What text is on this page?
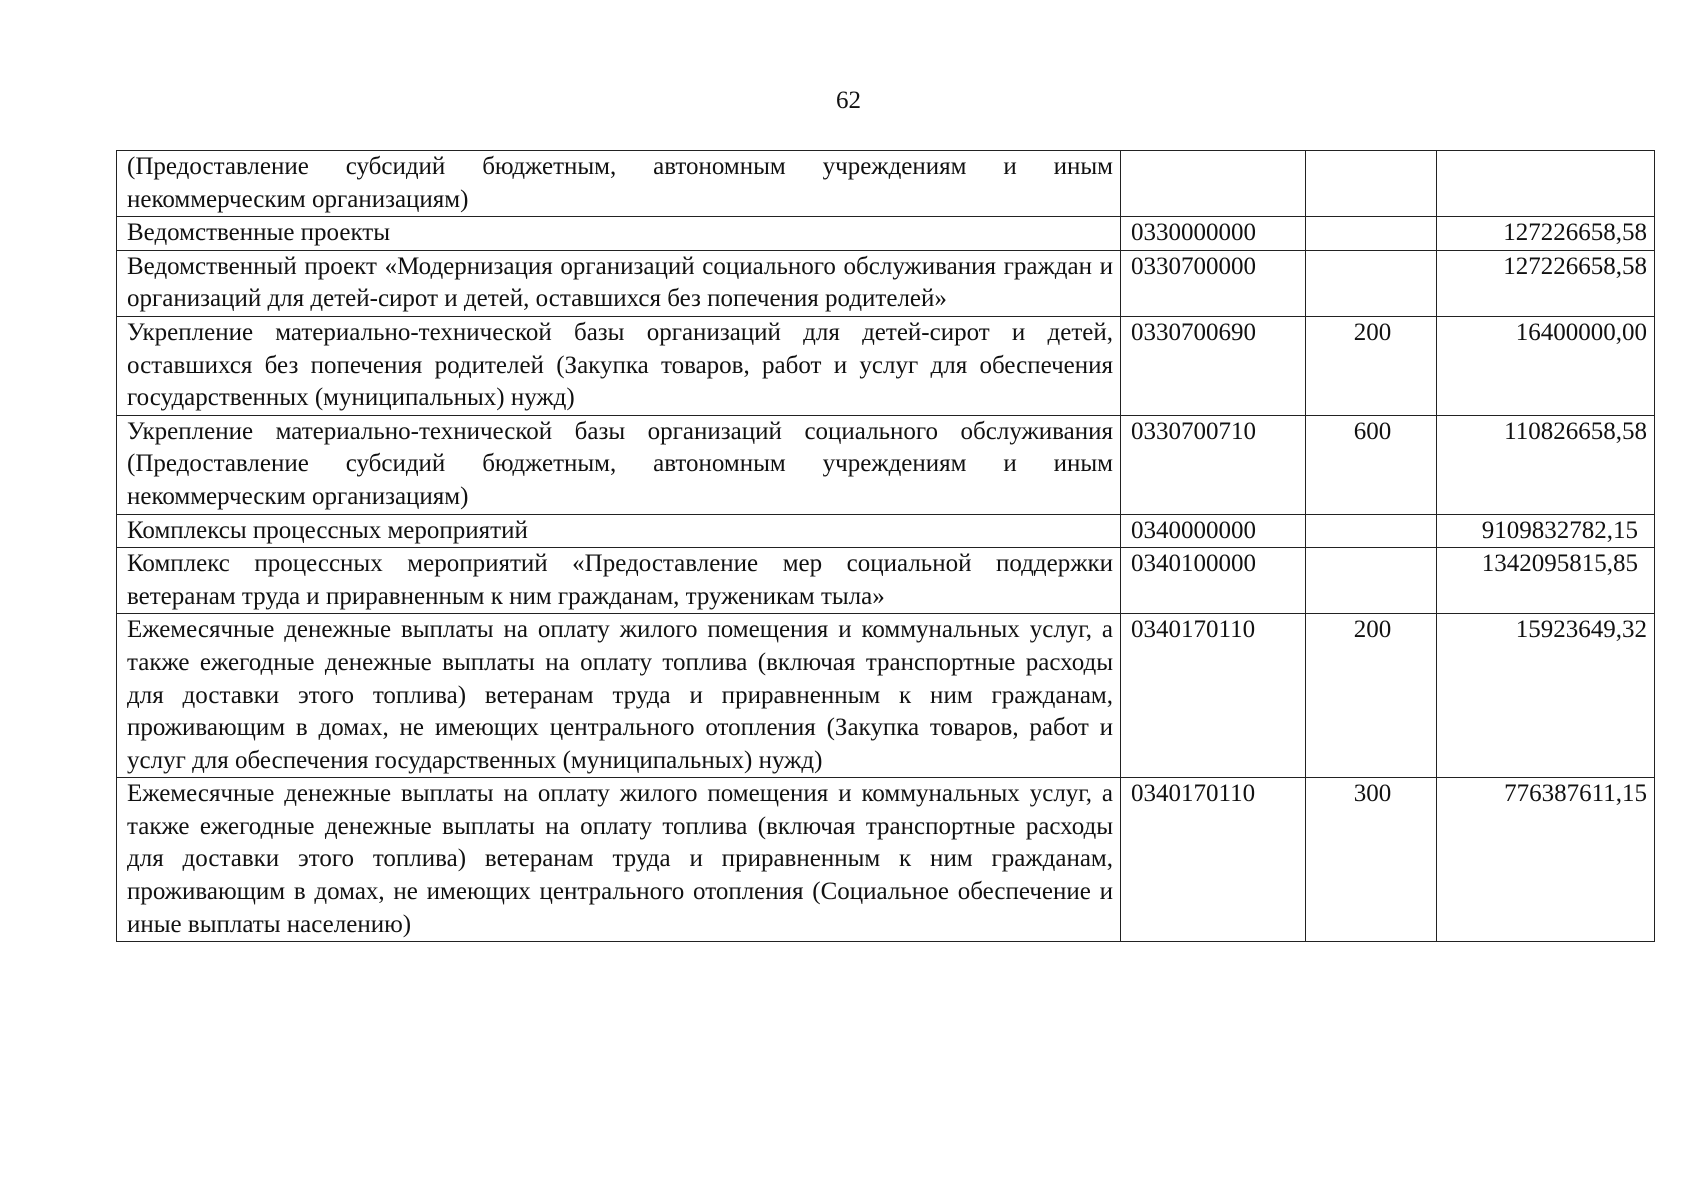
62
(Предоставление субсидий бюджетным, автономным учреждениям и иным некоммерческим организациям)			
Ведомственные проекты	0330000000		127226658,58
Ведомственный проект «Модернизация организаций социального обслуживания граждан и организаций для детей-сирот и детей, оставшихся без попечения родителей»	0330700000		127226658,58
Укрепление материально-технической базы организаций для детей-сирот и детей, оставшихся без попечения родителей (Закупка товаров, работ и услуг для обеспечения государственных (муниципальных) нужд)	0330700690	200	16400000,00
Укрепление материально-технической базы организаций социального обслуживания (Предоставление субсидий бюджетным, автономным учреждениям и иным некоммерческим организациям)	0330700710	600	110826658,58
Комплексы процессных мероприятий	0340000000		9109832782,15
Комплекс процессных мероприятий «Предоставление мер социальной поддержки ветеранам труда и приравненным к ним гражданам, труженикам тыла»	0340100000		1342095815,85
Ежемесячные денежные выплаты на оплату жилого помещения и коммунальных услуг, а также ежегодные денежные выплаты на оплату топлива (включая транспортные расходы для доставки этого топлива) ветеранам труда и приравненным к ним гражданам, проживающим в домах, не имеющих центрального отопления (Закупка товаров, работ и услуг для обеспечения государственных (муниципальных) нужд)	0340170110	200	15923649,32
Ежемесячные денежные выплаты на оплату жилого помещения и коммунальных услуг, а также ежегодные денежные выплаты на оплату топлива (включая транспортные расходы для доставки этого топлива) ветеранам труда и приравненным к ним гражданам, проживающим в домах, не имеющих центрального отопления (Социальное обеспечение и иные выплаты населению)	0340170110	300	776387611,15
